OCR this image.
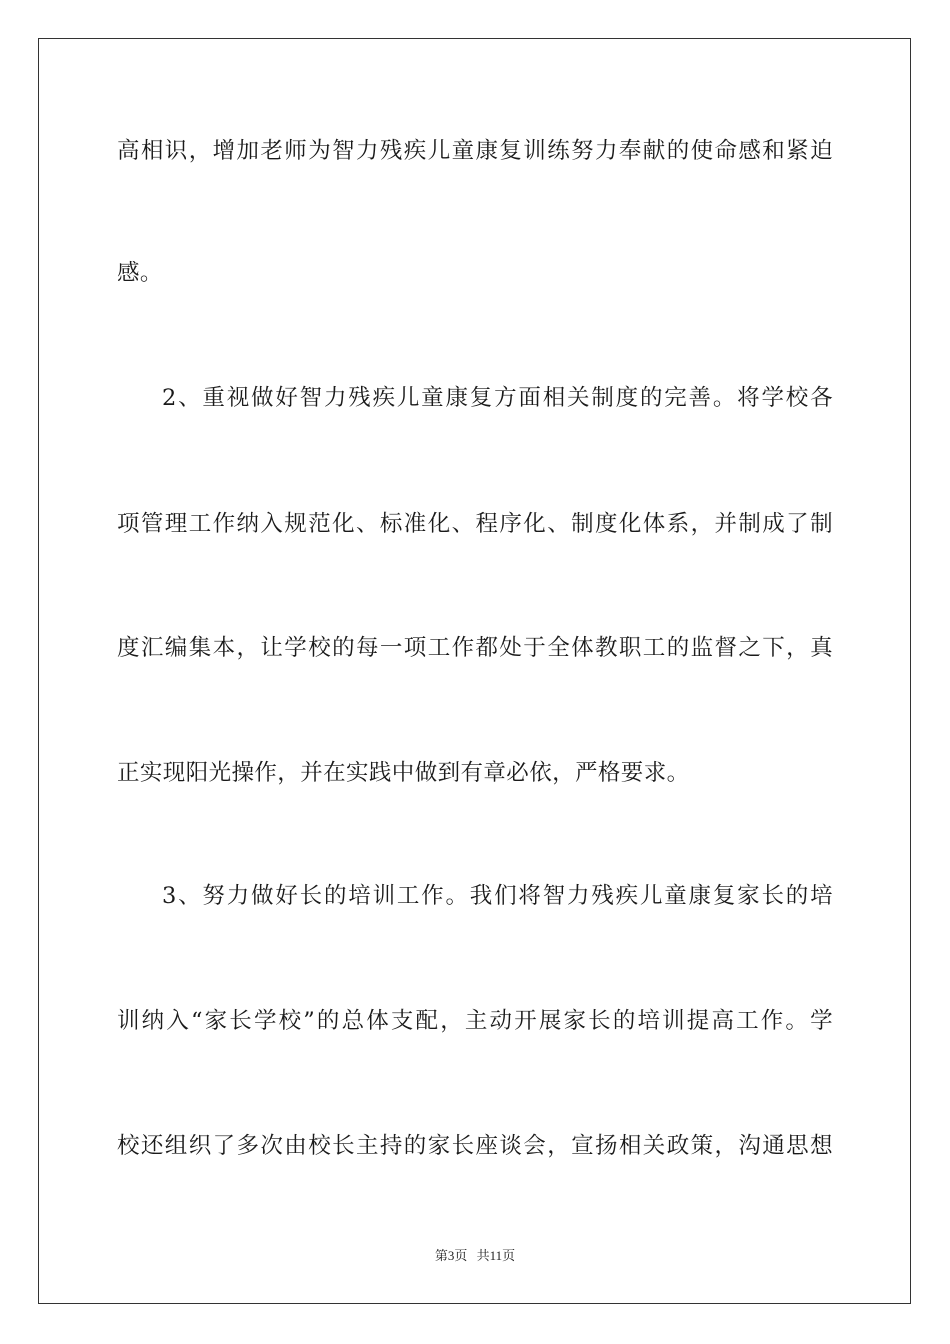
高相识，增加老师为智力残疾儿童康复训练努力奉献的使命感和紧迫
感。
2、重视做好智力残疾儿童康复方面相关制度的完善。将学校各
项管理工作纳入规范化、标准化、程序化、制度化体系，并制成了制
度汇编集本，让学校的每一项工作都处于全体教职工的监督之下，真
正实现阳光操作，并在实践中做到有章必依，严格要求。
3、努力做好长的培训工作。我们将智力残疾儿童康复家长的培
训纳入“家长学校”的总体支配，主动开展家长的培训提高工作。学
校还组织了多次由校长主持的家长座谈会，宣扬相关政策，沟通思想
第3页 共11页
